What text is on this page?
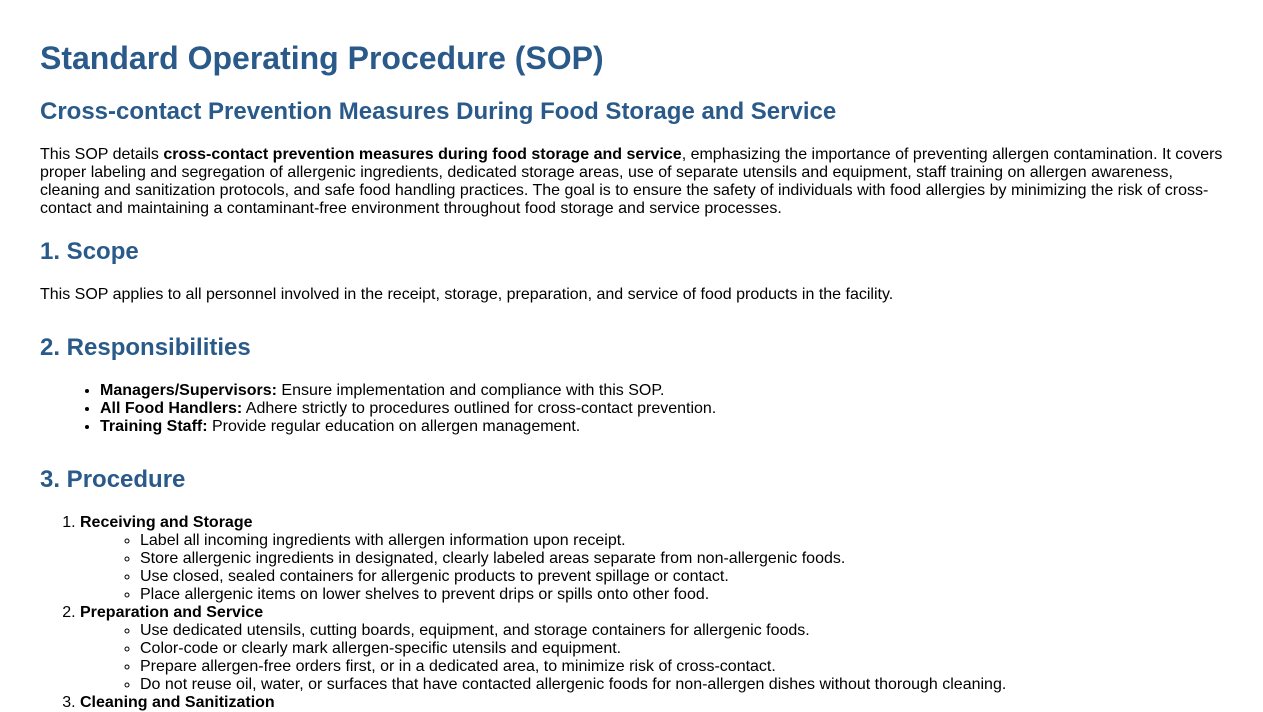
Standard Operating Procedure (SOP)
Cross-contact Prevention Measures During Food Storage and Service

This SOP details cross-contact prevention measures during food storage and service, emphasizing the importance of preventing allergen contamination. It covers proper labeling and segregation of allergenic ingredients, dedicated storage areas, use of separate utensils and equipment, staff training on allergen awareness, cleaning and sanitization protocols, and safe food handling practices. The goal is to ensure the safety of individuals with food allergies by minimizing the risk of cross-contact and maintaining a contaminant-free environment throughout food storage and service processes.

1. Scope

This SOP applies to all personnel involved in the receipt, storage, preparation, and service of food products in the facility.

2. Responsibilities
• Managers/Supervisors: Ensure implementation and compliance with this SOP.
• All Food Handlers: Adhere strictly to procedures outlined for cross-contact prevention.
• Training Staff: Provide regular education on allergen management.
3. Procedure
1. Receiving and Storage
◦ Label all incoming ingredients with allergen information upon receipt.
◦ Store allergenic ingredients in designated, clearly labeled areas separate from non-allergenic foods.
◦ Use closed, sealed containers for allergenic products to prevent spillage or contact.
◦ Place allergenic items on lower shelves to prevent drips or spills onto other food.
2. Preparation and Service
◦ Use dedicated utensils, cutting boards, equipment, and storage containers for allergenic foods.
◦ Color-code or clearly mark allergen-specific utensils and equipment.
◦ Prepare allergen-free orders first, or in a dedicated area, to minimize risk of cross-contact.
◦ Do not reuse oil, water, or surfaces that have contacted allergenic foods for non-allergen dishes without thorough cleaning.
3. Cleaning and Sanitization
